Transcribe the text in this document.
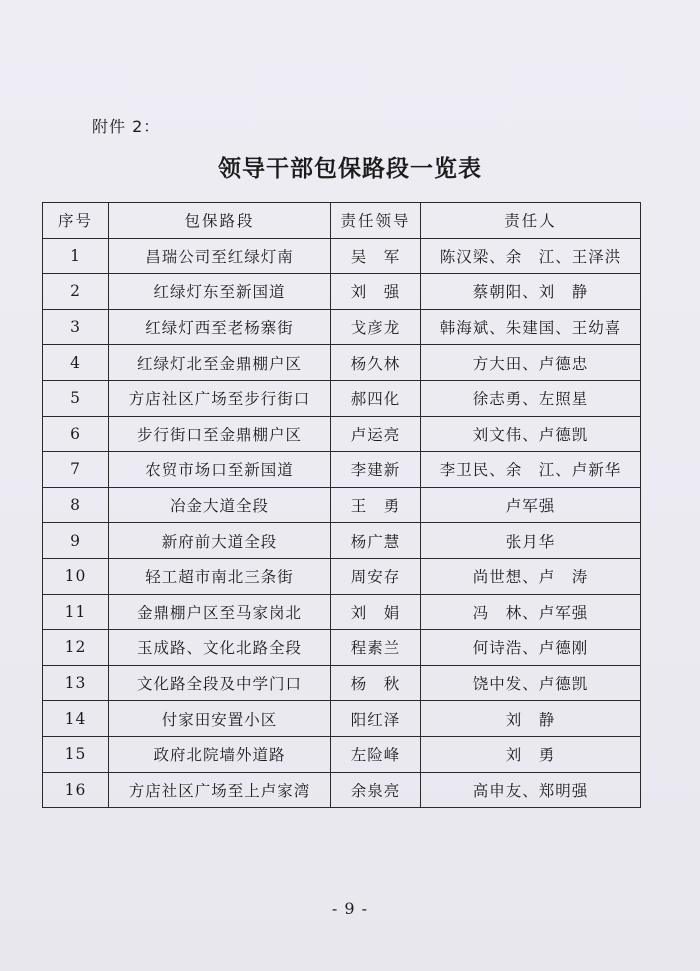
附件 2：
领导干部包保路段一览表
序号	包保路段	责任领导	责任人
1	昌瑞公司至红绿灯南	吴　军	陈汉梁、余　江、王泽洪
2	红绿灯东至新国道	刘　强	蔡朝阳、刘　静
3	红绿灯西至老杨寨街	戈彦龙	韩海斌、朱建国、王幼喜
4	红绿灯北至金鼎棚户区	杨久林	方大田、卢德忠
5	方店社区广场至步行街口	郝四化	徐志勇、左照星
6	步行街口至金鼎棚户区	卢运亮	刘文伟、卢德凯
7	农贸市场口至新国道	李建新	李卫民、余　江、卢新华
8	冶金大道全段	王　勇	卢军强
9	新府前大道全段	杨广慧	张月华
10	轻工超市南北三条街	周安存	尚世想、卢　涛
11	金鼎棚户区至马家岗北	刘　娟	冯　林、卢军强
12	玉成路、文化北路全段	程素兰	何诗浩、卢德刚
13	文化路全段及中学门口	杨　秋	饶中发、卢德凯
14	付家田安置小区	阳红泽	刘　静
15	政府北院墙外道路	左险峰	刘　勇
16	方店社区广场至上卢家湾	余泉亮	高申友、郑明强
- 9 -
